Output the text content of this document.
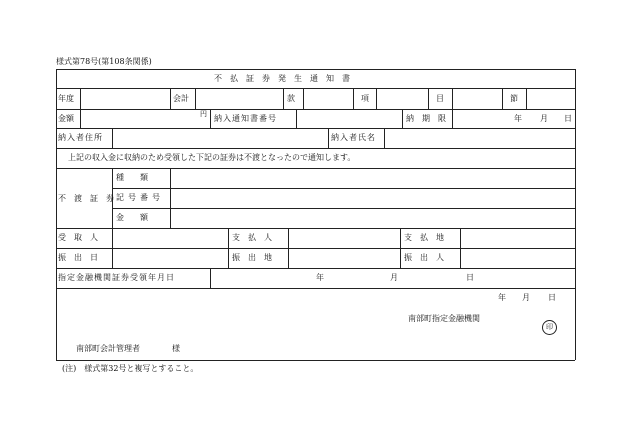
様式第78号(第108条関係)
不　払　証　券　発　生　通　知　書
年度	会計	款	項	目	節
金額	円 納入通知書番号	納　期　限	年 月 日
納入者住所	納入者氏名
上記の収入金に収納のため受領した下記の証券は不渡となったので通知します。
不　渡　証　券
種　　類
記号番号
金　　額
受　取　人	支　払　人	支　払　地
振　出　日	振　出　地	振　出　人
指定金融機関証券受領年月日	年	月	日
年 月 日
南部町指定金融機関
印
南部町会計管理者	様
(注)　様式第32号と複写とすること。
